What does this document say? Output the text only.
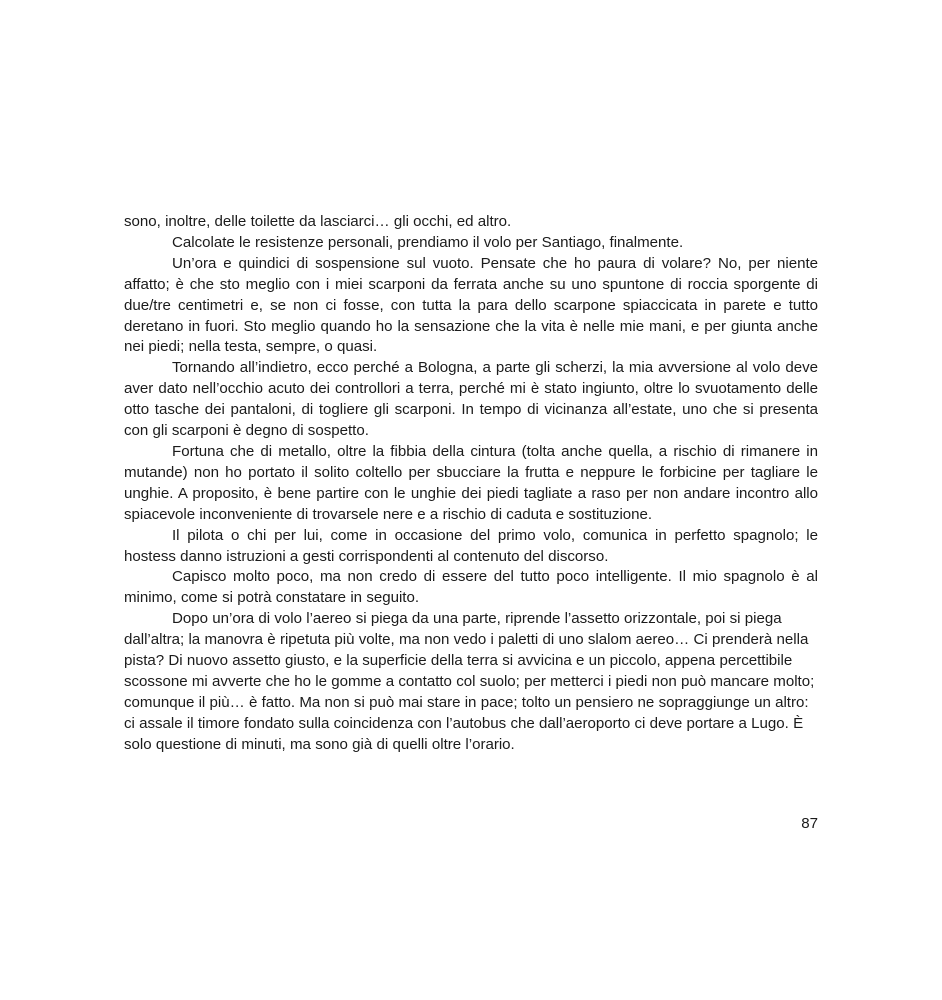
sono, inoltre, delle toilette da lasciarci… gli occhi, ed altro.

Calcolate le resistenze personali, prendiamo il volo per Santiago, finalmente.

Un’ora e quindici di sospensione sul vuoto. Pensate che ho paura di volare? No, per niente affatto; è che sto meglio con i miei scarponi da ferrata anche su uno spuntone di roccia sporgente di due/tre centimetri e, se non ci fosse, con tutta la para dello scarpone spiaccicata in parete e tutto deretano in fuori. Sto meglio quando ho la sensazione che la vita è nelle mie mani, e per giunta anche nei piedi; nella testa, sempre, o quasi.

Tornando all’indietro, ecco perché a Bologna, a parte gli scherzi, la mia avversione al volo deve aver dato nell’occhio acuto dei controllori a terra, perché mi è stato ingiunto, oltre lo svuotamento delle otto tasche dei pantaloni, di togliere gli scarponi. In tempo di vicinanza all’estate, uno che si presenta con gli scarponi è degno di sospetto.

Fortuna che di metallo, oltre la fibbia della cintura (tolta anche quella, a rischio di rimanere in mutande) non ho portato il solito coltello per sbucciare la frutta e neppure le forbicine per tagliare le unghie. A proposito, è bene partire con le unghie dei piedi tagliate a raso per non andare incontro allo spiacevole inconveniente di trovarsele nere e a rischio di caduta e sostituzione.

Il pilota o chi per lui, come in occasione del primo volo, comunica in perfetto spagnolo; le hostess danno istruzioni a gesti corrispondenti al contenuto del discorso.

Capisco molto poco, ma non credo di essere del tutto poco intelligente. Il mio spagnolo è al minimo, come si potrà constatare in seguito.

Dopo un’ora di volo l’aereo si piega da una parte, riprende l’assetto orizzontale, poi si piega dall’altra; la manovra è ripetuta più volte, ma non vedo i paletti di uno slalom aereo… Ci prenderà nella pista? Di nuovo assetto giusto, e la superficie della terra si avvicina e un piccolo, appena percettibile scossone mi avverte che ho le gomme a contatto col suolo; per metterci i piedi non può mancare molto; comunque il più… è fatto. Ma non si può mai stare in pace; tolto un pensiero ne sopraggiunge un altro: ci assale il timore fondato sulla coincidenza con l’autobus che dall’aeroporto ci deve portare a Lugo. È solo questione di minuti, ma sono già di quelli oltre l’orario.

87
